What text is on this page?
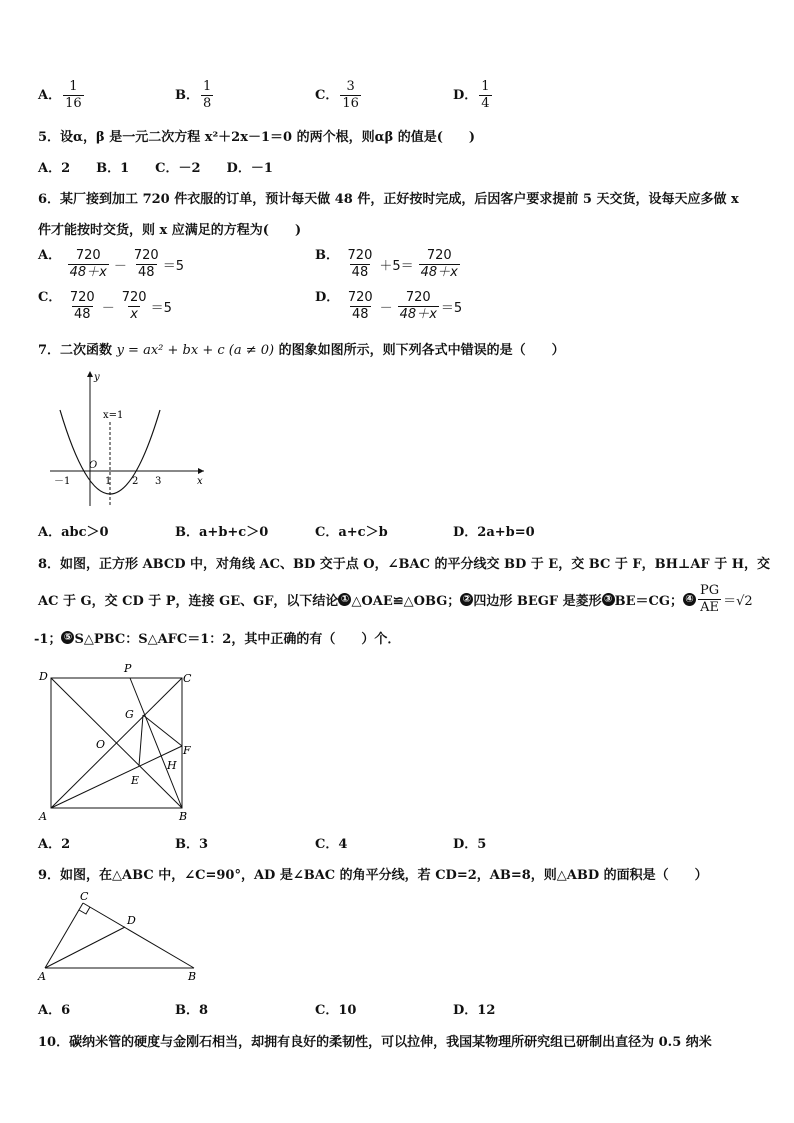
A． $\frac{1}{16}$	B． $\frac{1}{8}$	C． $\frac{3}{16}$	D． $\frac{1}{4}$
5．设α，β 是一元二次方程 x²＋2x－1＝0 的两个根，则αβ 的值是(　　)
A．2　　B．1　　C．－2　　D．－1
6．某厂接到加工 720 件衣服的订单，预计每天做 48 件，正好按时完成，后因客户要求提前 5 天交货，设每天应多做 x
件才能按时交货，则 x 应满足的方程为(　　)
A． $\frac{720}{48+x} - \frac{720}{48} =5$
B． $\frac{720}{48} +5= \frac{720}{48+x}$
C． $\frac{720}{48} - \frac{720}{x} =5$
D． $\frac{720}{48} - \frac{720}{48+x} =5$
7．二次函数 y = ax² + bx + c (a ≠ 0) 的图象如图所示，则下列各式中错误的是（　　）
y
x=1
O
x
－1	1 2 3
A．abc＞0	B．a+b+c＞0	C．a+c＞b	D．2a+b=0
8．如图，正方形 ABCD 中，对角线 AC、BD 交于点 O，∠BAC 的平分线交 BD 于 E，交 BC 于 F，BH⊥AF 于 H，交
AC 于 G，交 CD 于 P，连接 GE、GF，以下结论 ① △OAE≌△OBG； ② 四边形 BEGF 是菱形 ③ BE＝CG； ④ $\frac{PG}{AE} =√2$
-1； ⑤ S△PBC：S△AFC＝1：2，其中正确的有（　　）个．
D
P
C
G
O	F
H
E
A	B
A．2	B．3	C．4	D．5
9．如图，在△ABC 中，∠C=90°，AD 是∠BAC 的角平分线，若 CD=2，AB=8，则△ABD 的面积是（　　）
C
D
A	B
A．6	B．8	C．10	D．12
10．碳纳米管的硬度与金刚石相当，却拥有良好的柔韧性，可以拉伸，我国某物理所研究组已研制出直径为 0.5 纳米
